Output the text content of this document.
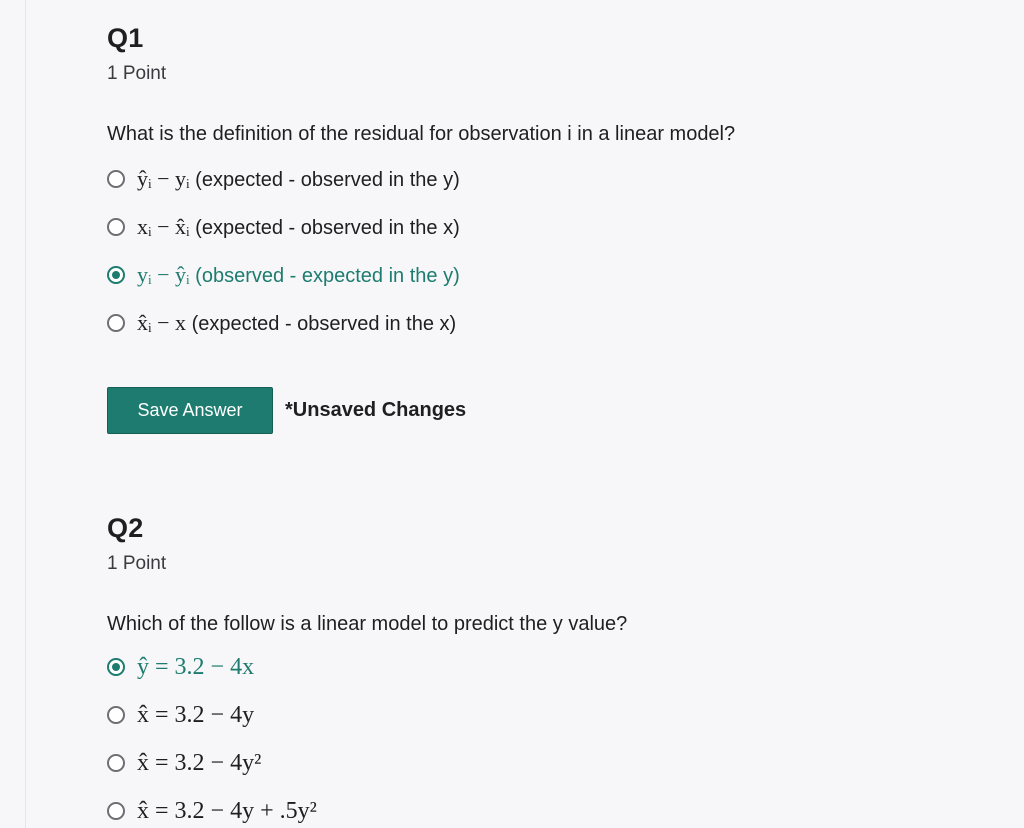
Q1
1 Point
What is the definition of the residual for observation i in a linear model?
ŷᵢ − yᵢ (expected - observed in the y)
xᵢ − x̂ᵢ (expected - observed in the x)
yᵢ − ŷᵢ (observed - expected in the y)
x̂ᵢ − x (expected - observed in the x)
Save Answer	*Unsaved Changes
Q2
1 Point
Which of the follow is a linear model to predict the y value?
ŷ = 3.2 − 4x
x̂ = 3.2 − 4y
x̂ = 3.2 − 4y²
x̂ = 3.2 − 4y + .5y²
